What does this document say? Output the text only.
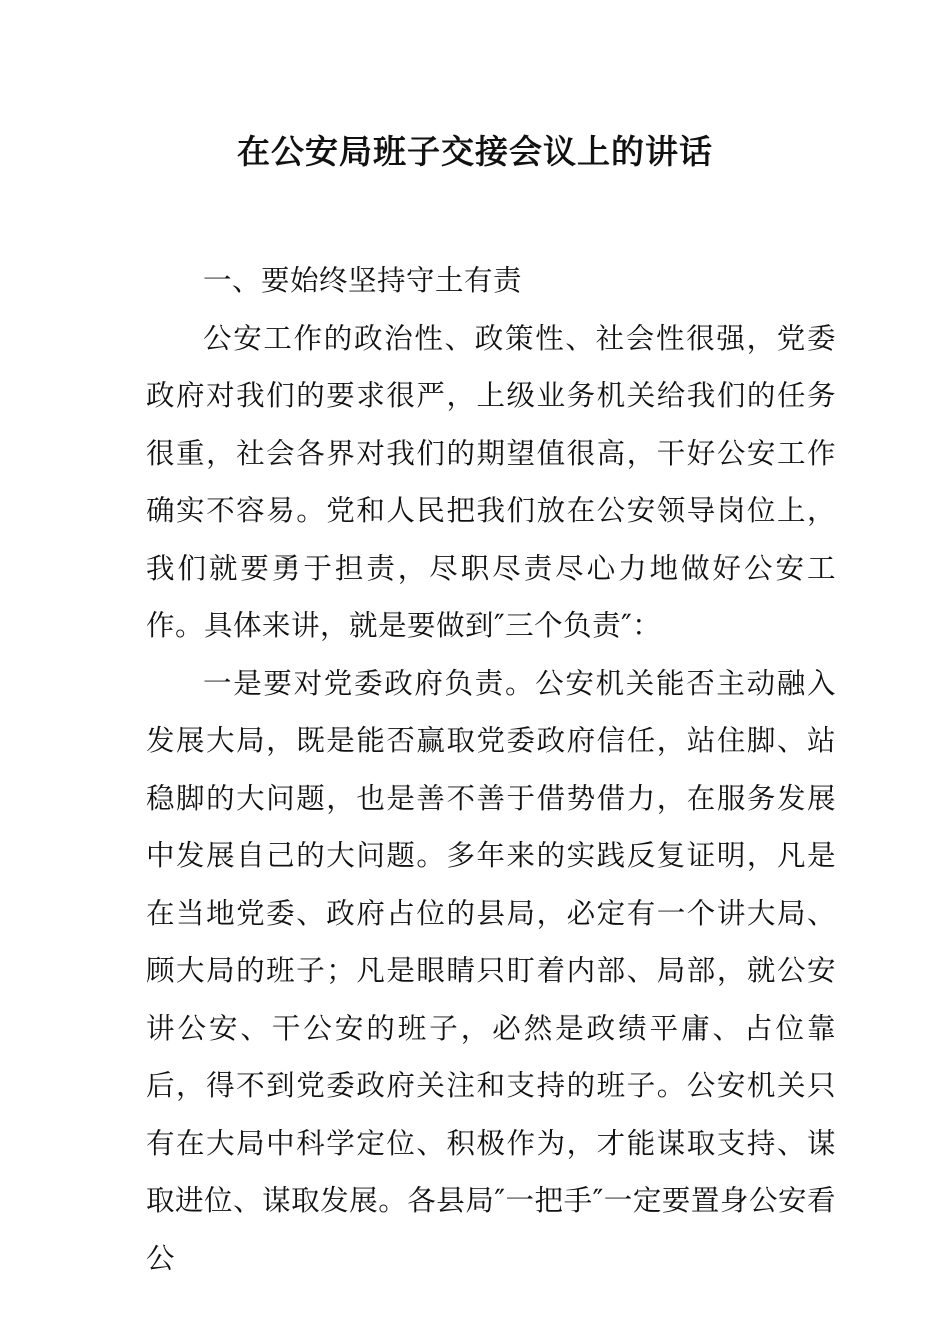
在公安局班子交接会议上的讲话

一、要始终坚持守土有责

公安工作的政治性、政策性、社会性很强，党委政府对我们的要求很严，上级业务机关给我们的任务很重，社会各界对我们的期望值很高，干好公安工作确实不容易。党和人民把我们放在公安领导岗位上，我们就要勇于担责，尽职尽责尽心力地做好公安工作。具体来讲，就是要做到″三个负责″：

一是要对党委政府负责。公安机关能否主动融入发展大局，既是能否赢取党委政府信任，站住脚、站稳脚的大问题，也是善不善于借势借力，在服务发展中发展自己的大问题。多年来的实践反复证明，凡是在当地党委、政府占位的县局，必定有一个讲大局、顾大局的班子；凡是眼睛只盯着内部、局部，就公安讲公安、干公安的班子，必然是政绩平庸、占位靠后，得不到党委政府关注和支持的班子。公安机关只有在大局中科学定位、积极作为，才能谋取支持、谋取进位、谋取发展。各县局″一把手″一定要置身公安看公
